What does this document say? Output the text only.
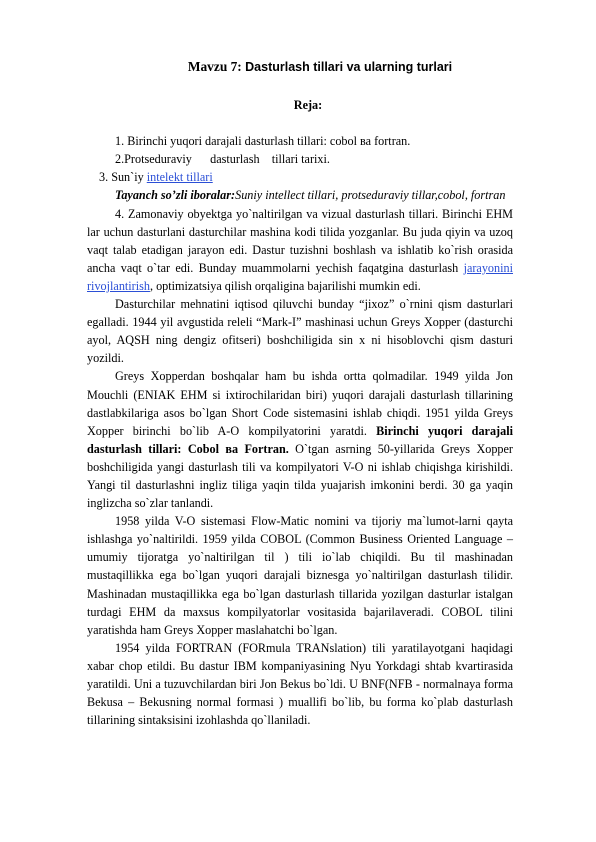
Mavzu 7: Dasturlash tillari va ularning turlari

Reja:

1. Birinchi yuqori darajali dasturlash tillari: cobol ва fortran.

2.Protseduraviy      dasturlash    tillari tarixi.

3. Sun`iy intelekt tillari

Tayanch so’zli iboralar:Suniy intellect tillari, protseduraviy tillar,cobol, fortran

4. Zamonaviy obyektga yo`naltirilgan va vizual dasturlash tillari. Birinchi EHM lar uchun dasturlani dasturchilar mashina kodi tilida yozganlar. Bu juda qiyin va uzoq vaqt talab etadigan jarayon edi. Dastur tuzishni boshlash va ishlatib ko`rish orasida ancha vaqt o`tar edi. Bunday muammolarni yechish faqatgina dasturlash jarayonini rivojlantirish, optimizatsiya qilish orqaligina bajarilishi mumkin edi.

Dasturchilar mehnatini iqtisod qiluvchi bunday “jixoz” o`rnini qism dasturlari egalladi. 1944 yil avgustida releli “Mark-I” mashinasi uchun Greys Xopper (dasturchi ayol, AQSH ning dengiz ofitseri) boshchiligida sin x ni hisoblovchi qism dasturi yozildi.

Greys Xopperdan boshqalar ham bu ishda ortta qolmadilar. 1949 yilda Jon Mouchli (ENIAK EHM si ixtirochilaridan biri) yuqori darajali dasturlash tillarining dastlabkilariga asos bo`lgan Short Code sistemasini ishlab chiqdi. 1951 yilda Greys Xopper birinchi bo`lib A-O kompilyatorini yaratdi. Birinchi yuqori darajali dasturlash tillari: Cobol ва Fortran. O`tgan asrning 50-yillarida Greys Xopper boshchiligida yangi dasturlash tili va kompilyatori V-O ni ishlab chiqishga kirishildi. Yangi til dasturlashni ingliz tiliga yaqin tilda yuajarish imkonini berdi. 30 ga yaqin inglizcha so`zlar tanlandi.

1958 yilda V-O sistemasi Flow-Matic nomini va tijoriy ma`lumot-larni qayta ishlashga yo`naltirildi. 1959 yilda COBOL (Common Business Oriented Language – umumiy tijoratga yo`naltirilgan til ) tili io`lab chiqildi. Bu til mashinadan mustaqillikka ega bo`lgan yuqori darajali biznesga yo`naltirilgan dasturlash tilidir. Mashinadan mustaqillikka ega bo`lgan dasturlash tillarida yozilgan dasturlar istalgan turdagi EHM da maxsus kompilyatorlar vositasida bajarilaveradi. COBOL tilini yaratishda ham Greys Xopper maslahatchi bo`lgan.

1954 yilda FORTRAN (FORmula TRANslation) tili yaratilayotgani haqidagi xabar chop etildi. Bu dastur IBM kompaniyasining Nyu Yorkdagi shtab kvartirasida yaratildi. Uni a tuzuvchilardan biri Jon Bekus bo`ldi. U BNF(NFB - normalnaya forma Bekusa – Bekusning normal formasi ) muallifi bo`lib, bu forma ko`plab dasturlash tillarining sintaksisini izohlashda qo`llaniladi.
